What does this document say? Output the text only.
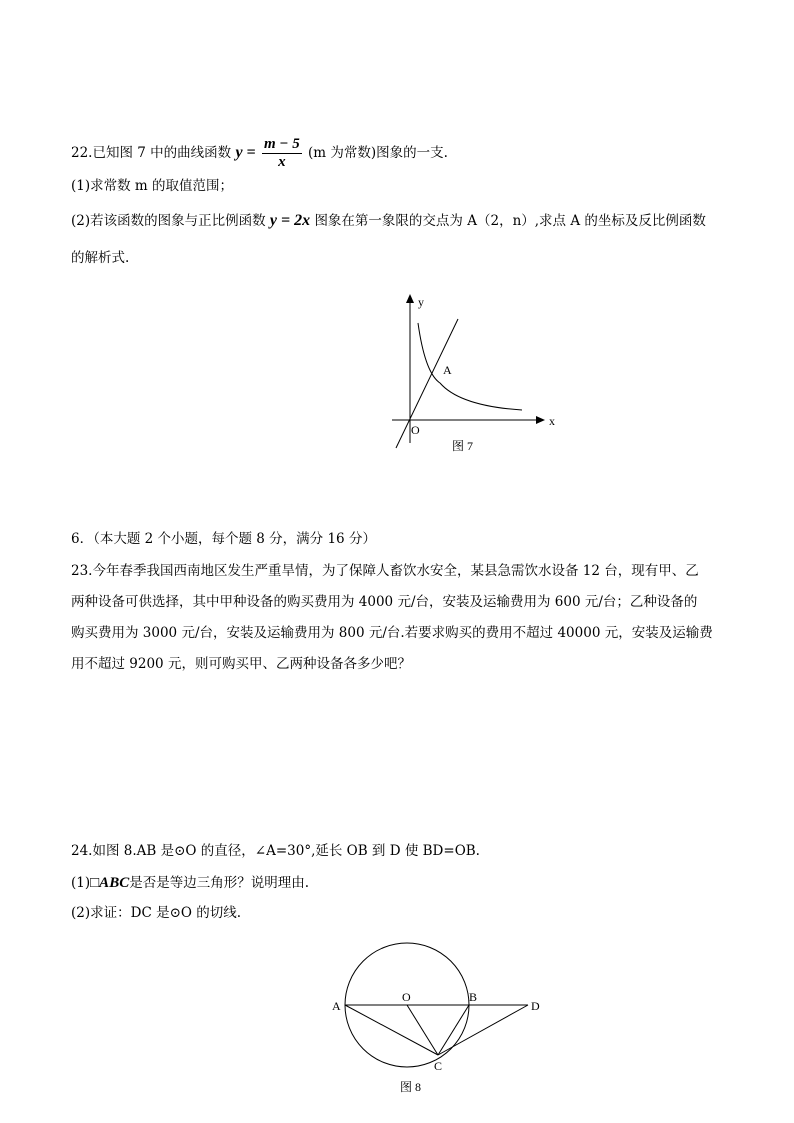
22.已知图 7 中的曲线函数 $y = \frac{m - 5}{x} (m$ 为常数)图象的一支.
(1)求常数 m 的取值范围；
(2)若该函数的图象与正比例函数 y = 2x 图象在第一象限的交点为 A（2，n）,求点 A 的坐标及反比例函数
的解析式.
y
x
O
A
图 7
6．（本大题 2 个小题，每个题 8 分，满分 16 分）
23.今年春季我国西南地区发生严重旱情，为了保障人畜饮水安全，某县急需饮水设备 12 台，现有甲、乙
两种设备可供选择，其中甲种设备的购买费用为 4000 元/台，安装及运输费用为 600 元/台；乙种设备的
购买费用为 3000 元/台，安装及运输费用为 800 元/台.若要求购买的费用不超过 40000 元，安装及运输费
用不超过 9200 元，则可购买甲、乙两种设备各多少吧？
24.如图 8.AB 是⊙O 的直径，∠A=30°,延长 OB 到 D 使 BD=OB.
(1)□ABC是否是等边三角形？说明理由.
(2)求证：DC 是⊙O 的切线.
A
O	B
D
C
图 8
